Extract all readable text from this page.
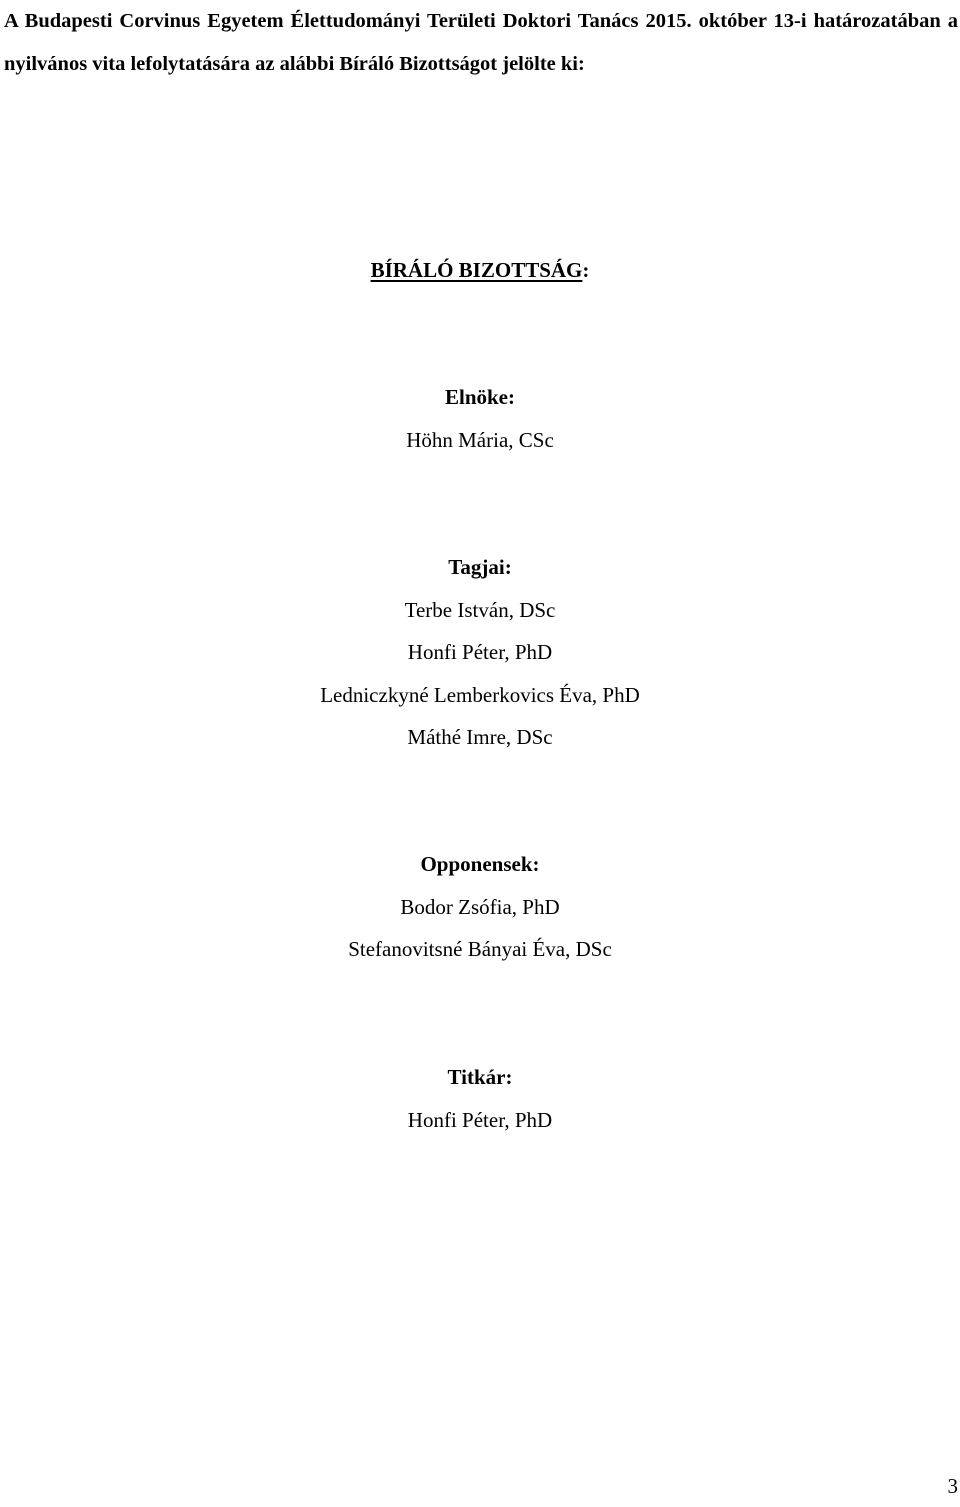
A Budapesti Corvinus Egyetem Élettudományi Területi Doktori Tanács 2015. október 13-i határozatában a nyilvános vita lefolytatására az alábbi Bíráló Bizottságot jelölte ki:
BÍRÁLÓ BIZOTTSÁG:
Elnöke:
Höhn Mária, CSc
Tagjai:
Terbe István, DSc
Honfi Péter, PhD
Ledniczkyné Lemberkovics Éva, PhD
Máthé Imre, DSc
Opponensek:
Bodor Zsófia, PhD
Stefanovitsné Bányai Éva, DSc
Titkár:
Honfi Péter, PhD
3
